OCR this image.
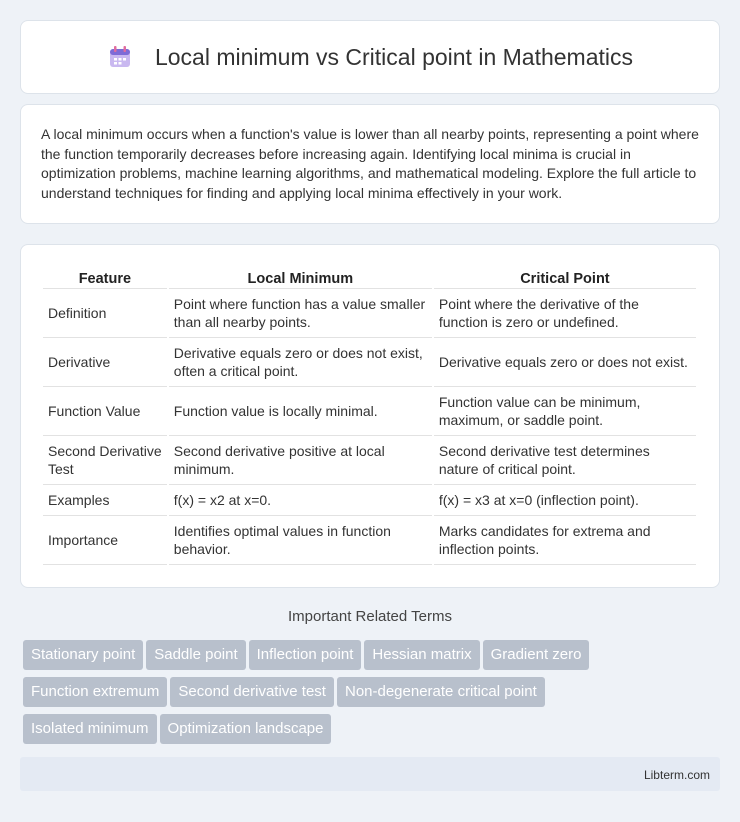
Local minimum vs Critical point in Mathematics

A local minimum occurs when a function's value is lower than all nearby points, representing a point where the function temporarily decreases before increasing again. Identifying local minima is crucial in optimization problems, machine learning algorithms, and mathematical modeling. Explore the full article to understand techniques for finding and applying local minima effectively in your work.

Feature	Local Minimum	Critical Point
Definition	Point where function has a value smaller than all nearby points.	Point where the derivative of the function is zero or undefined.
Derivative	Derivative equals zero or does not exist, often a critical point.	Derivative equals zero or does not exist.
Function Value	Function value is locally minimal.	Function value can be minimum, maximum, or saddle point.
Second Derivative Test	Second derivative positive at local minimum.	Second derivative test determines nature of critical point.
Examples	f(x) = x2 at x=0.	f(x) = x3 at x=0 (inflection point).
Importance	Identifies optimal values in function behavior.	Marks candidates for extrema and inflection points.
Important Related Terms
Stationary point Saddle point Inflection point Hessian matrix Gradient zero
Function extremum Second derivative test Non-degenerate critical point
Isolated minimum Optimization landscape
Libterm.com
